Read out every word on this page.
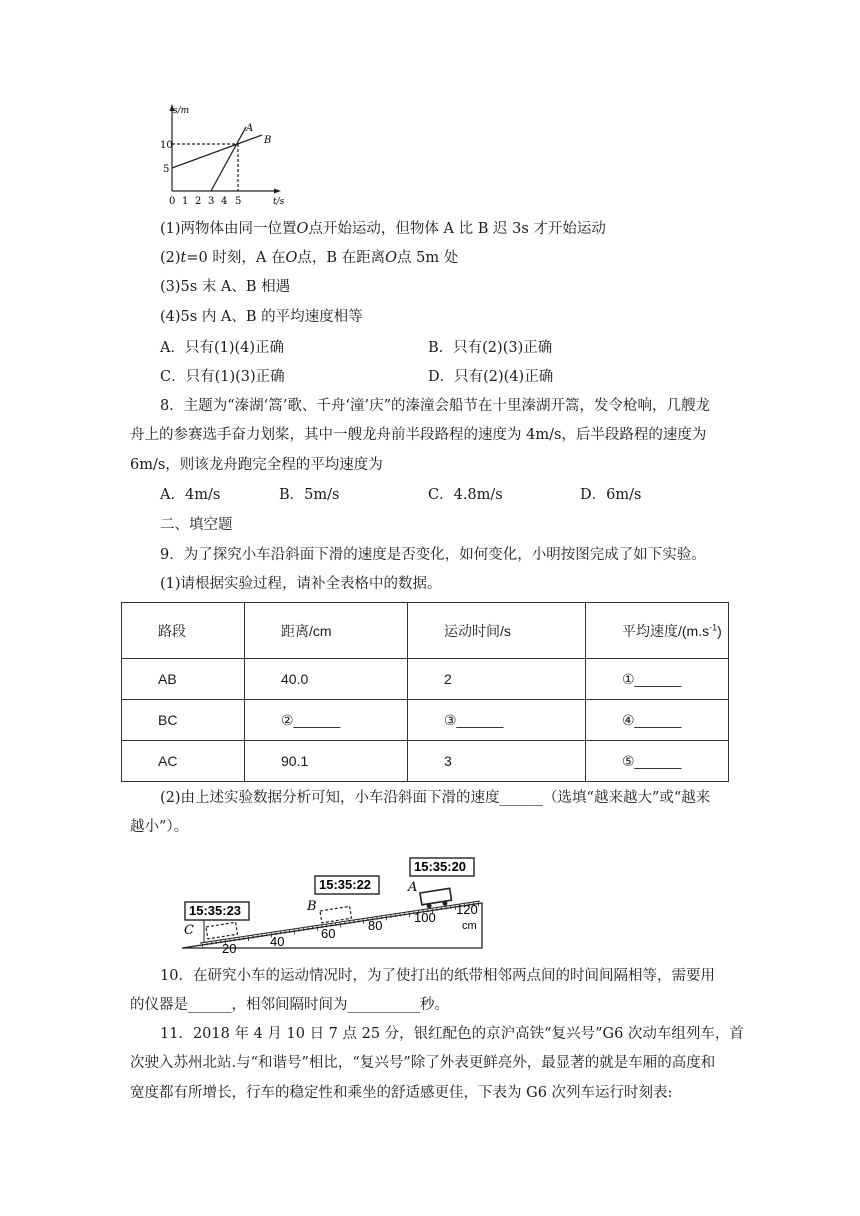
s/m
t/s
10
5
0 1 2 3 4 5
A
B
(1)两物体由同一位置O点开始运动，但物体 A 比 B 迟 3s 才开始运动
(2)t=0 时刻，A 在O点，B 在距离O点 5m 处
(3)5s 末 A、B 相遇
(4)5s 内 A、B 的平均速度相等
A．只有(1)(4)正确	B．只有(2)(3)正确
C．只有(1)(3)正确	D．只有(2)(4)正确
8．主题为“溱湖‘篙’歌、千舟‘潼’庆”的溱潼会船节在十里溱湖开篙，发令枪响，几艘龙
舟上的参赛选手奋力划桨，其中一艘龙舟前半段路程的速度为 4m/s，后半段路程的速度为
6m/s，则该龙舟跑完全程的平均速度为
A．4m/s	B．5m/s	C．4.8m/s	D．6m/s
二、填空题
9．为了探究小车沿斜面下滑的速度是否变化，如何变化，小明按图完成了如下实验。
(1)请根据实验过程，请补全表格中的数据。
路段	距离/cm	运动时间/s	平均速度$/(m.s^{-1})$
AB	40.0	2	①______
BC	②______	③______	④______
AC	90.1	3	⑤______
(2)由上述实验数据分析可知，小车沿斜面下滑的速度______（选填“越来越大”或“越来
越小”）。
15:35:20
15:35:22
15:35:23
A
B
C
20	40
60
80
100
120
cm
10．在研究小车的运动情况时，为了使打出的纸带相邻两点间的时间间隔相等，需要用
的仪器是______，相邻间隔时间为__________秒。
11．2018 年 4 月 10 日 7 点 25 分，银红配色的京沪高铁“复兴号”G6 次动车组列车，首
次驶入苏州北站.与“和谐号”相比，“复兴号”除了外表更鲜亮外，最显著的就是车厢的高度和
宽度都有所增长，行车的稳定性和乘坐的舒适感更佳，下表为 G6 次列车运行时刻表:
